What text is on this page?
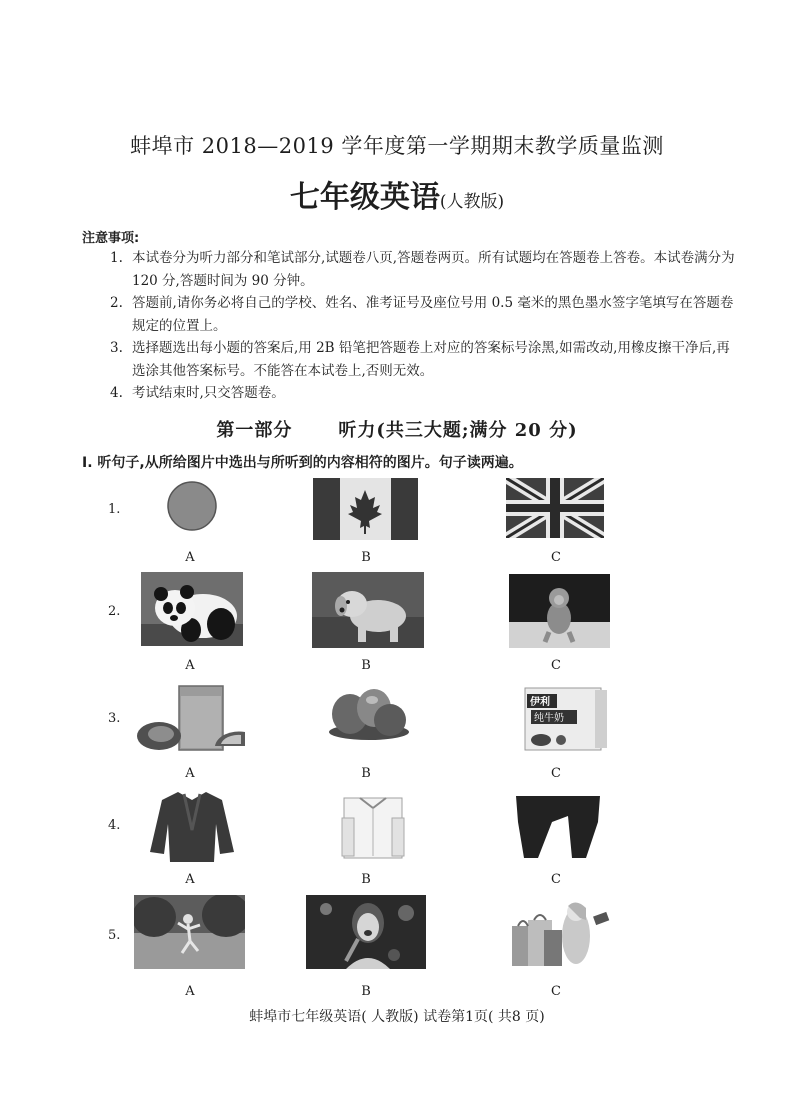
蚌埠市 2018—2019 学年度第一学期期末教学质量监测
七年级英语(人教版)
注意事项:
1. 本试卷分为听力部分和笔试部分,试题卷八页,答题卷两页。所有试题均在答题卷上答卷。本试卷满分为 120 分,答题时间为 90 分钟。
2. 答题前,请你务必将自己的学校、姓名、准考证号及座位号用 0.5 毫米的黑色墨水签字笔填写在答题卷规定的位置上。
3. 选择题选出每小题的答案后,用 2B 铅笔把答题卷上对应的答案标号涂黑,如需改动,用橡皮擦干净后,再选涂其他答案标号。不能答在本试卷上,否则无效。
4. 考试结束时,只交答题卷。
第一部分	听力(共三大题;满分 20 分)
Ⅰ. 听句子,从所给图片中选出与所听到的内容相符的图片。句子读两遍。
1.
A	B	C
2.
A	B	C
3.
伊利
纯牛奶
A	B	C
4.
A	B	C
5.
A	B	C
蚌埠市七年级英语( 人教版) 试卷第1页( 共8 页)
